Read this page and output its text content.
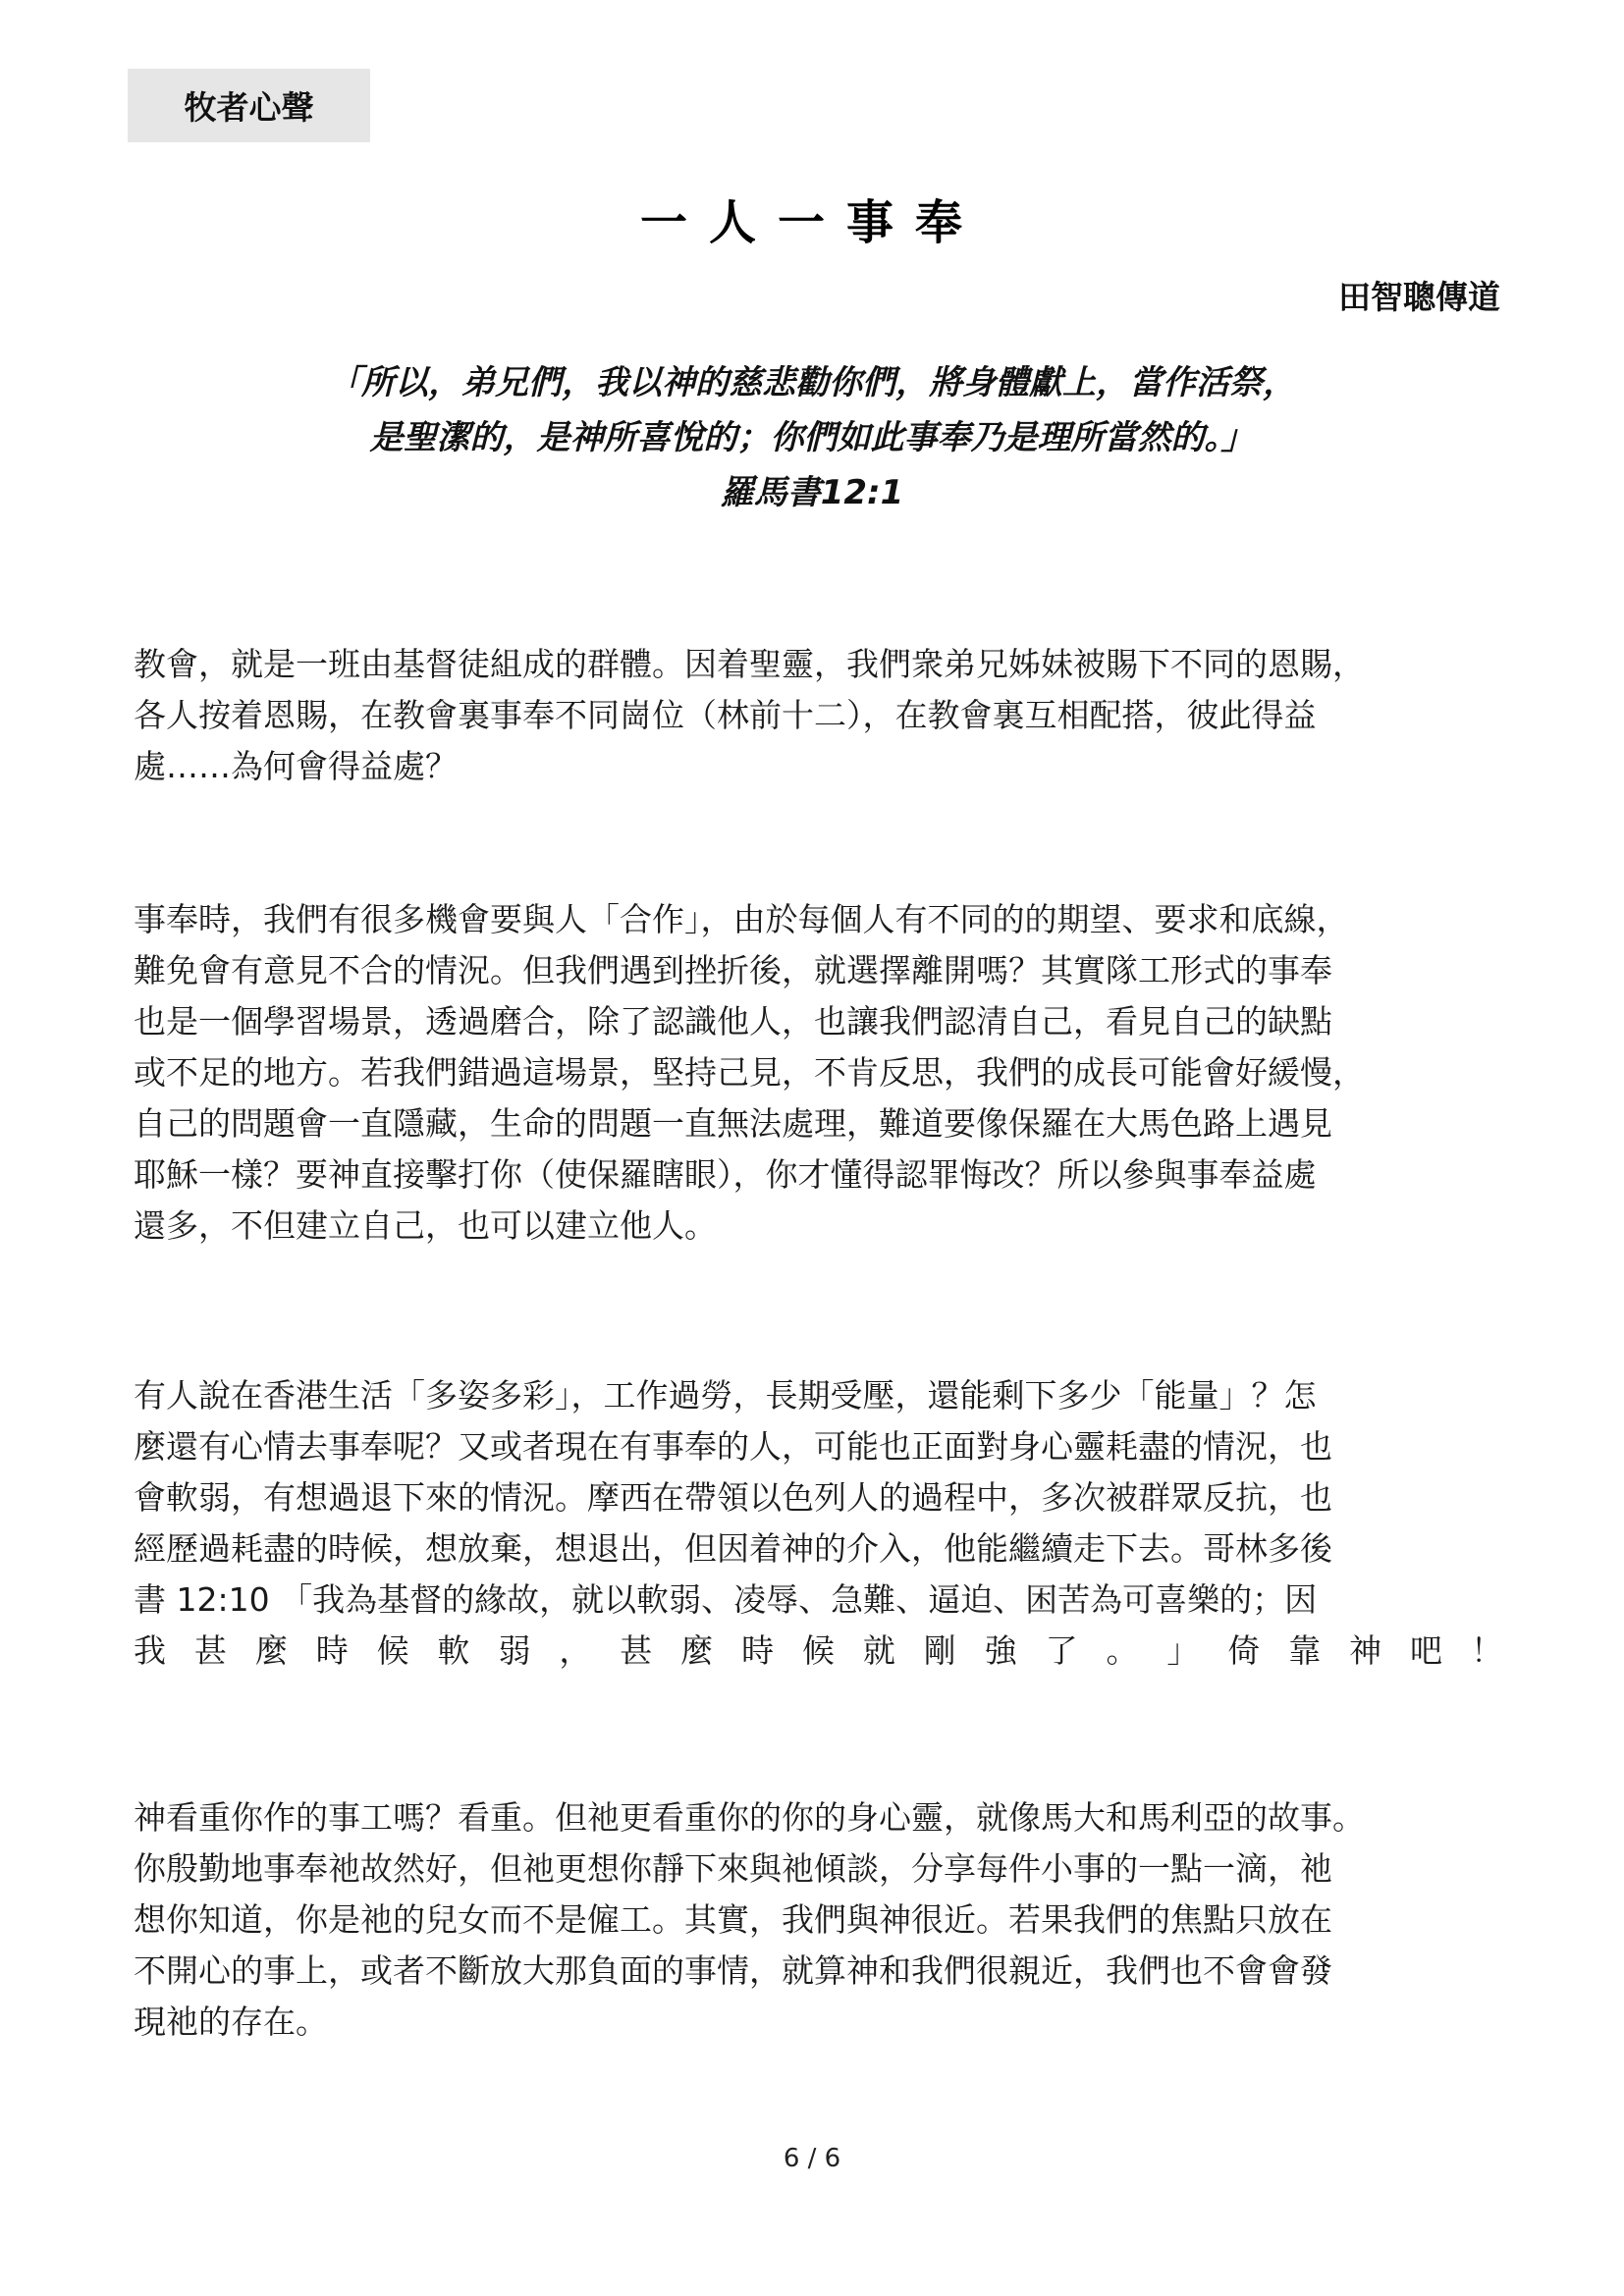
牧者心聲
一人一事奉
田智聰傳道
「所以，弟兄們，我以神的慈悲勸你們，將身體獻上，當作活祭，
是聖潔的，是神所喜悅的；你們如此事奉乃是理所當然的。」
羅馬書12:1
教會，就是一班由基督徒組成的群體。因着聖靈，我們衆弟兄姊妹被賜下不同的恩賜，
各人按着恩賜，在教會裏事奉不同崗位（林前十二），在教會裏互相配搭，彼此得益
處……為何會得益處？
事奉時，我們有很多機會要與人「合作」，由於每個人有不同的的期望、要求和底線，
難免會有意見不合的情況。但我們遇到挫折後，就選擇離開嗎？其實隊工形式的事奉
也是一個學習場景，透過磨合，除了認識他人，也讓我們認清自己，看見自己的缺點
或不足的地方。若我們錯過這場景，堅持己見，不肯反思，我們的成長可能會好緩慢，
自己的問題會一直隱藏，生命的問題一直無法處理，難道要像保羅在大馬色路上遇見
耶穌一樣？要神直接擊打你（使保羅瞎眼），你才懂得認罪悔改？所以參與事奉益處
還多，不但建立自己，也可以建立他人。
有人說在香港生活「多姿多彩」，工作過勞，長期受壓，還能剩下多少「能量」？怎
麼還有心情去事奉呢？又或者現在有事奉的人，可能也正面對身心靈耗盡的情況，也
會軟弱，有想過退下來的情況。摩西在帶領以色列人的過程中，多次被群眾反抗，也
經歷過耗盡的時候，想放棄，想退出，但因着神的介入，他能繼續走下去。哥林多後
書 12:10 「我為基督的緣故，就以軟弱、凌辱、急難、逼迫、困苦為可喜樂的；因
我 甚 麼 時 候 軟 弱 ， 甚 麼 時 候 就 剛 強 了 。 」 倚 靠 神 吧 ！
神看重你作的事工嗎？看重。但祂更看重你的你的身心靈，就像馬大和馬利亞的故事。
你殷勤地事奉祂故然好，但祂更想你靜下來與祂傾談，分享每件小事的一點一滴，祂
想你知道，你是祂的兒女而不是僱工。其實，我們與神很近。若果我們的焦點只放在
不開心的事上，或者不斷放大那負面的事情，就算神和我們很親近，我們也不會會發
現祂的存在。
6 / 6
